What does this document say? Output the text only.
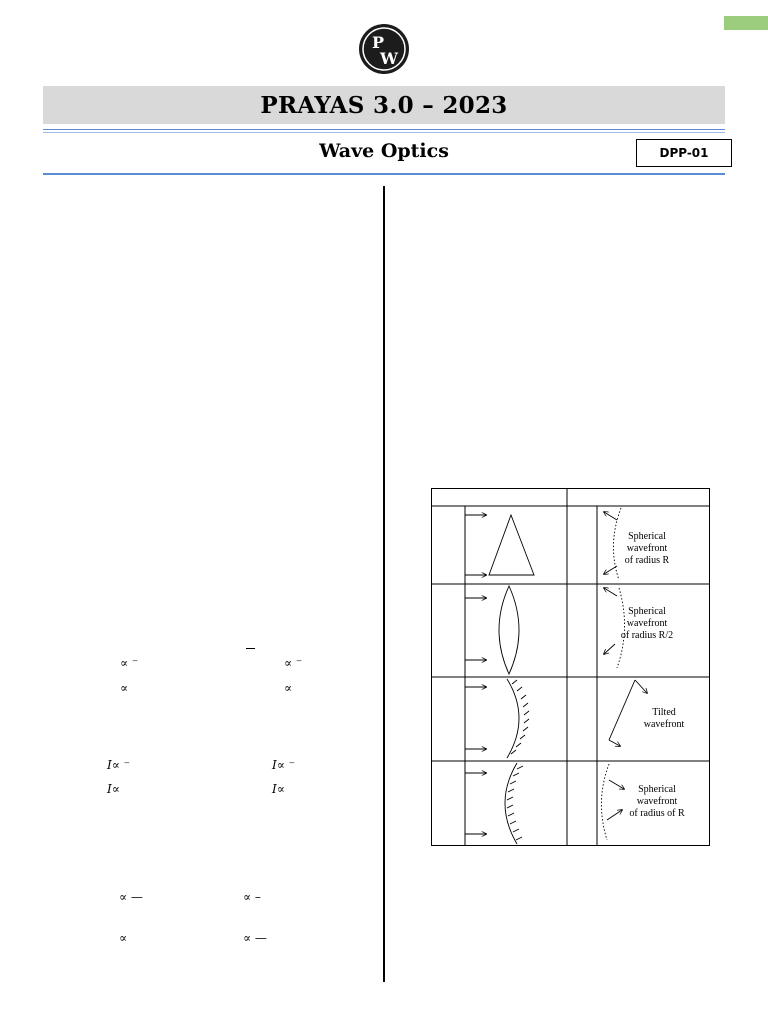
P
W
PRAYAS 3.0 – 2023
Wave Optics	DPP-01
∝ ⁻	∝ ⁻
∝	∝
I∝ ⁻	I∝ ⁻
I∝	I∝
∝ —	∝ –
∝	∝ —
Spherical
wavefront
of radius R
Spherical
wavefront
of radius R/2
Tilted
wavefront
Spherical
wavefront
of radius of R
